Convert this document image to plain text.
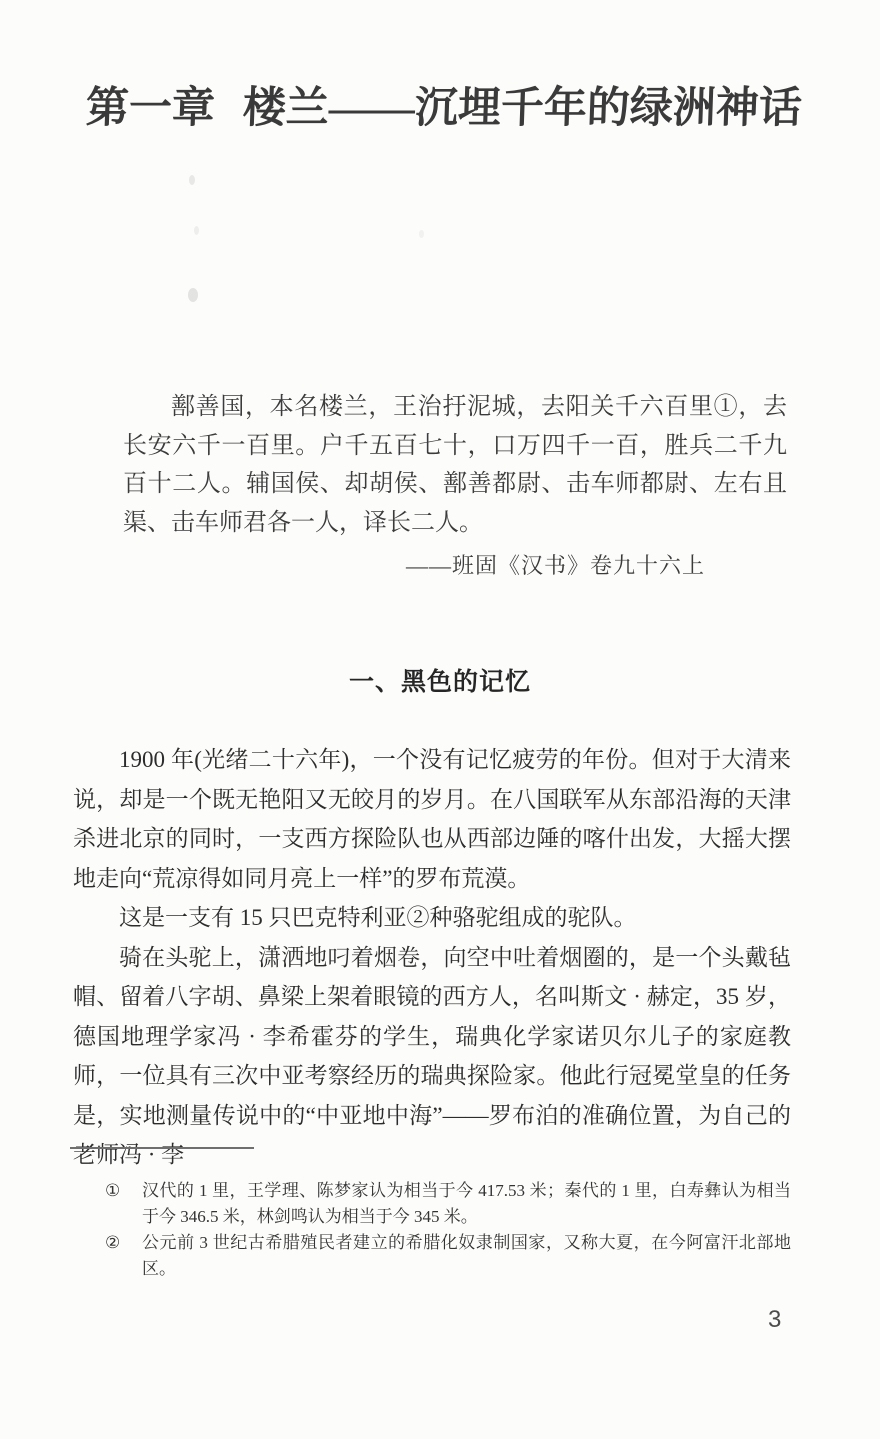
第一章 楼兰——沉埋千年的绿洲神话
鄯善国，本名楼兰，王治扜泥城，去阳关千六百里①，去长安六千一百里。户千五百七十，口万四千一百，胜兵二千九百十二人。辅国侯、却胡侯、鄯善都尉、击车师都尉、左右且渠、击车师君各一人，译长二人。
——班固《汉书》卷九十六上
一、黑色的记忆

1900 年(光绪二十六年)，一个没有记忆疲劳的年份。但对于大清来说，却是一个既无艳阳又无皎月的岁月。在八国联军从东部沿海的天津杀进北京的同时，一支西方探险队也从西部边陲的喀什出发，大摇大摆地走向“荒凉得如同月亮上一样”的罗布荒漠。

这是一支有 15 只巴克特利亚②种骆驼组成的驼队。

骑在头驼上，潇洒地叼着烟卷，向空中吐着烟圈的，是一个头戴毡帽、留着八字胡、鼻梁上架着眼镜的西方人，名叫斯文 · 赫定，35 岁，德国地理学家冯 · 李希霍芬的学生，瑞典化学家诺贝尔儿子的家庭教师，一位具有三次中亚考察经历的瑞典探险家。他此行冠冕堂皇的任务是，实地测量传说中的“中亚地中海”——罗布泊的准确位置，为自己的老师冯 · 李

①	汉代的 1 里，王学理、陈梦家认为相当于今 417.53 米；秦代的 1 里，白寿彝认为相当于今 346.5 米，林剑鸣认为相当于今 345 米。
②	公元前 3 世纪古希腊殖民者建立的希腊化奴隶制国家，又称大夏，在今阿富汗北部地区。
3
